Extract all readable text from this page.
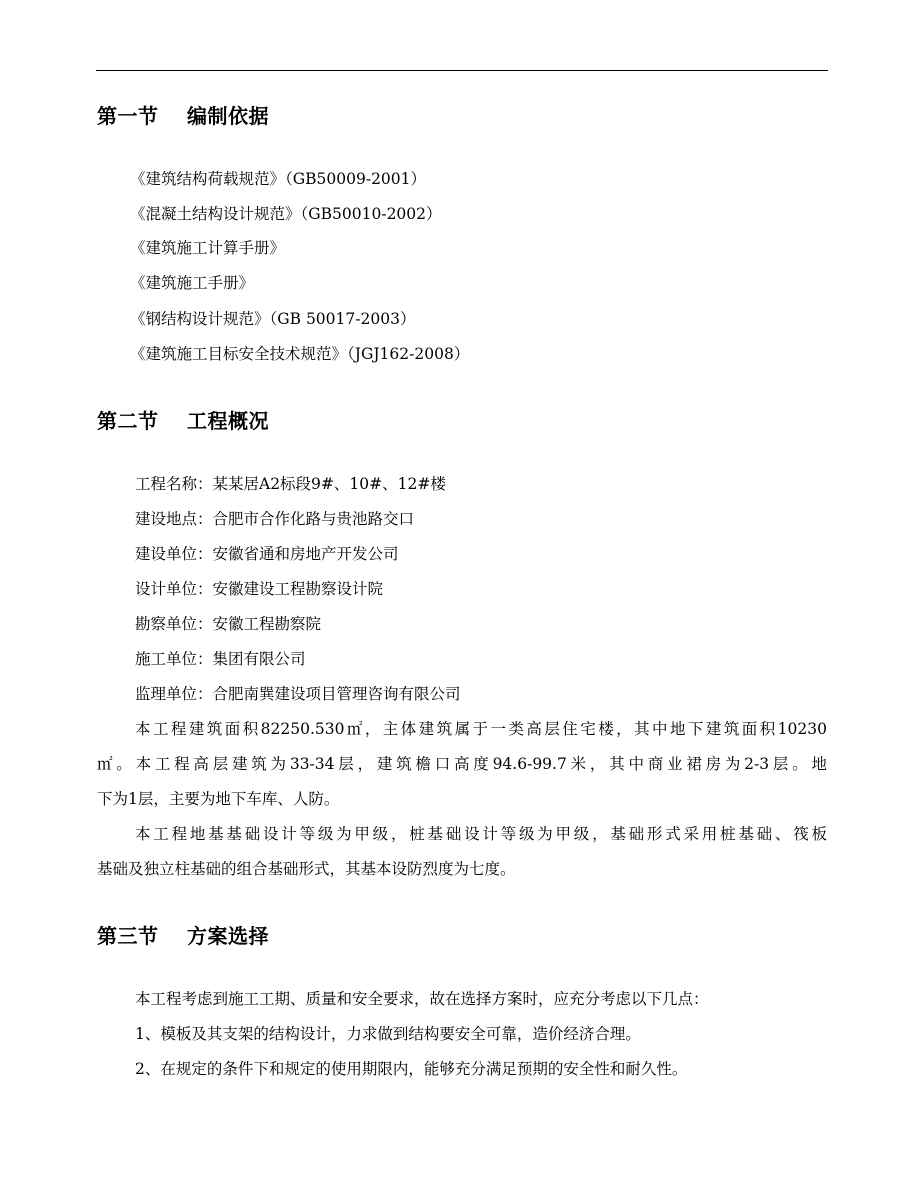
第一节 编制依据
《建筑结构荷载规范》（GB50009-2001）
《混凝土结构设计规范》（GB50010-2002）
《建筑施工计算手册》
《建筑施工手册》
《钢结构设计规范》（GB 50017-2003）
《建筑施工目标安全技术规范》（JGJ162-2008）
第二节 工程概况
工程名称：某某居A2标段9#、10#、12#楼
建设地点：合肥市合作化路与贵池路交口
建设单位：安徽省通和房地产开发公司
设计单位：安徽建设工程勘察设计院
勘察单位：安徽工程勘察院
施工单位：集团有限公司
监理单位：合肥南巽建设项目管理咨询有限公司
本工程建筑面积82250.530㎡，主体建筑属于一类高层住宅楼，其中地下建筑面积10230
㎡。本工程高层建筑为33-34层，建筑檐口高度94.6-99.7米，其中商业裙房为2-3层。地
下为1层，主要为地下车库、人防。
本工程地基基础设计等级为甲级，桩基础设计等级为甲级，基础形式采用桩基础、筏板
基础及独立柱基础的组合基础形式，其基本设防烈度为七度。
第三节 方案选择
本工程考虑到施工工期、质量和安全要求，故在选择方案时，应充分考虑以下几点：
1、模板及其支架的结构设计，力求做到结构要安全可靠，造价经济合理。
2、在规定的条件下和规定的使用期限内，能够充分满足预期的安全性和耐久性。
